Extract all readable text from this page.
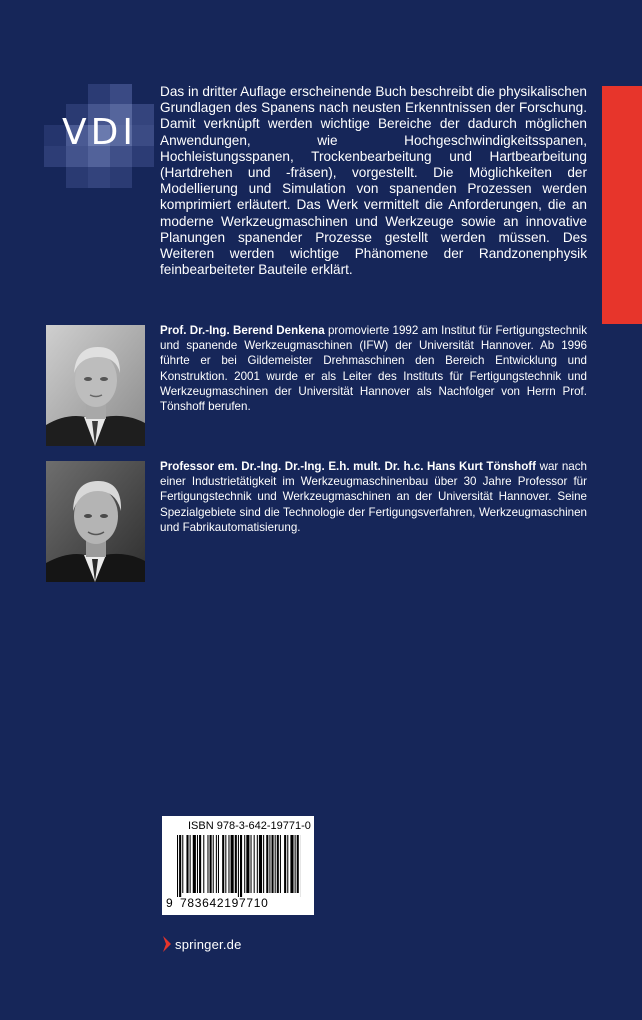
VDI
Das in dritter Auflage erscheinende Buch beschreibt die physikalischen Grundlagen des Spanens nach neusten Erkenntnissen der Forschung. Damit verknüpft werden wichtige Bereiche der dadurch möglichen Anwendungen, wie Hochgeschwindigkeitsspanen, Hochleistungsspanen, Trockenbearbeitung und Hartbearbeitung (Hartdrehen und -fräsen), vorgestellt. Die Möglichkeiten der Modellierung und Simulation von spanenden Prozessen werden komprimiert erläutert. Das Werk vermittelt die Anforderungen, die an moderne Werkzeugmaschinen und Werkzeuge sowie an innovative Planungen spanender Prozesse gestellt werden müssen. Des Weiteren werden wichtige Phänomene der Randzonenphysik feinbearbeiteter Bauteile erklärt.
Prof. Dr.-Ing. Berend Denkena promovierte 1992 am Institut für Fertigungstechnik und spanende Werkzeugmaschinen (IFW) der Universität Hannover. Ab 1996 führte er bei Gildemeister Drehmaschinen den Bereich Entwicklung und Konstruktion. 2001 wurde er als Leiter des Instituts für Fertigungstechnik und Werkzeugmaschinen der Universität Hannover als Nachfolger von Herrn Prof. Tönshoff berufen.
Professor em. Dr.-Ing. Dr.-Ing. E.h. mult. Dr. h.c. Hans Kurt Tönshoff war nach einer Industrietätigkeit im Werkzeugmaschinenbau über 30 Jahre Professor für Fertigungstechnik und Werkzeugmaschinen an der Universität Hannover. Seine Spezialgebiete sind die Technologie der Fertigungsverfahren, Werkzeugmaschinen und Fabrikautomatisierung.
ISBN 978-3-642-19771-0
9 783642197710
springer.de
